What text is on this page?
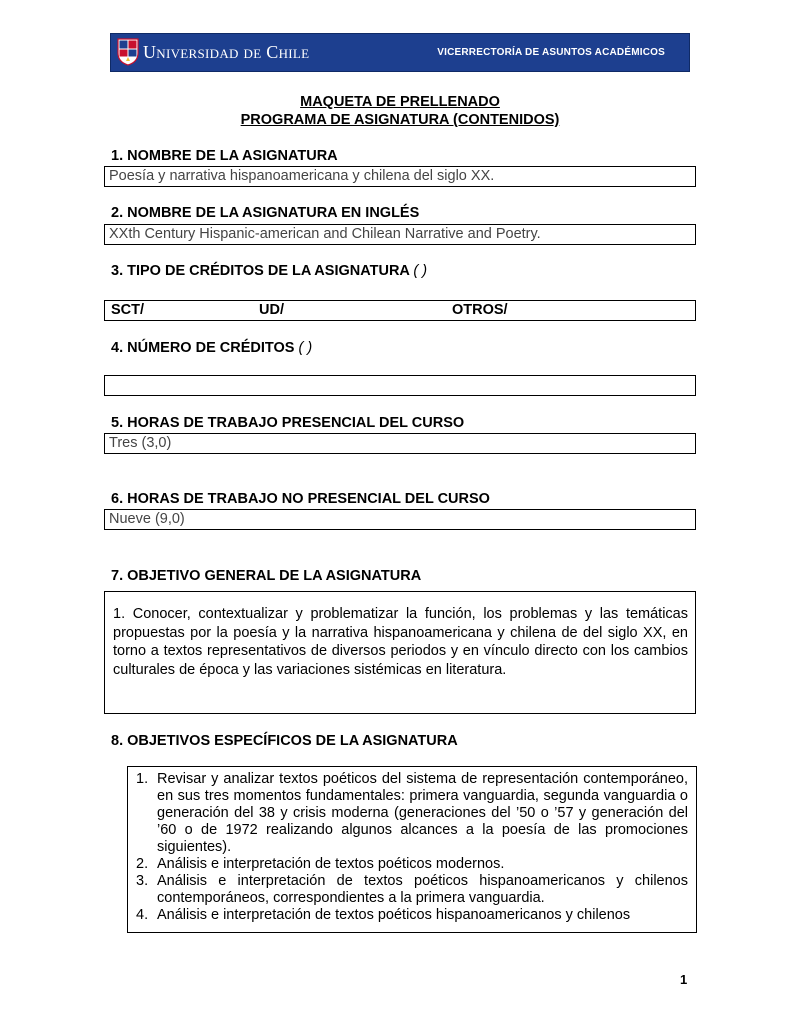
Universidad de Chile	VICERRECTORÍA DE ASUNTOS ACADÉMICOS
MAQUETA DE PRELLENADO
PROGRAMA DE ASIGNATURA (CONTENIDOS)
1. NOMBRE DE LA ASIGNATURA
Poesía y narrativa hispanoamericana y chilena del siglo XX.
2. NOMBRE DE LA ASIGNATURA EN INGLÉS
XXth Century Hispanic-american and Chilean Narrative and Poetry.
3. TIPO DE CRÉDITOS DE LA ASIGNATURA ( )
SCT/	UD/	OTROS/
4. NÚMERO DE CRÉDITOS ( )
5. HORAS DE TRABAJO PRESENCIAL DEL CURSO
Tres (3,0)
6. HORAS DE TRABAJO NO PRESENCIAL DEL CURSO
Nueve (9,0)
7. OBJETIVO GENERAL DE LA ASIGNATURA
1. Conocer, contextualizar y problematizar la función, los problemas y las temáticas propuestas por la poesía y la narrativa hispanoamericana y chilena de del siglo XX, en torno a textos representativos de diversos periodos y en vínculo directo con los cambios culturales de época y las variaciones sistémicas en literatura.
8. OBJETIVOS ESPECÍFICOS DE LA ASIGNATURA
1. Revisar y analizar textos poéticos del sistema de representación contemporáneo, en sus tres momentos fundamentales: primera vanguardia, segunda vanguardia o generación del 38 y crisis moderna (generaciones del ’50 o ’57 y generación del ’60 o de 1972 realizando algunos alcances a la poesía de las promociones siguientes).
2. Análisis e interpretación de textos poéticos modernos.
3. Análisis e interpretación de textos poéticos hispanoamericanos y chilenos contemporáneos, correspondientes a la primera vanguardia.
4. Análisis e interpretación de textos poéticos hispanoamericanos y chilenos
1
